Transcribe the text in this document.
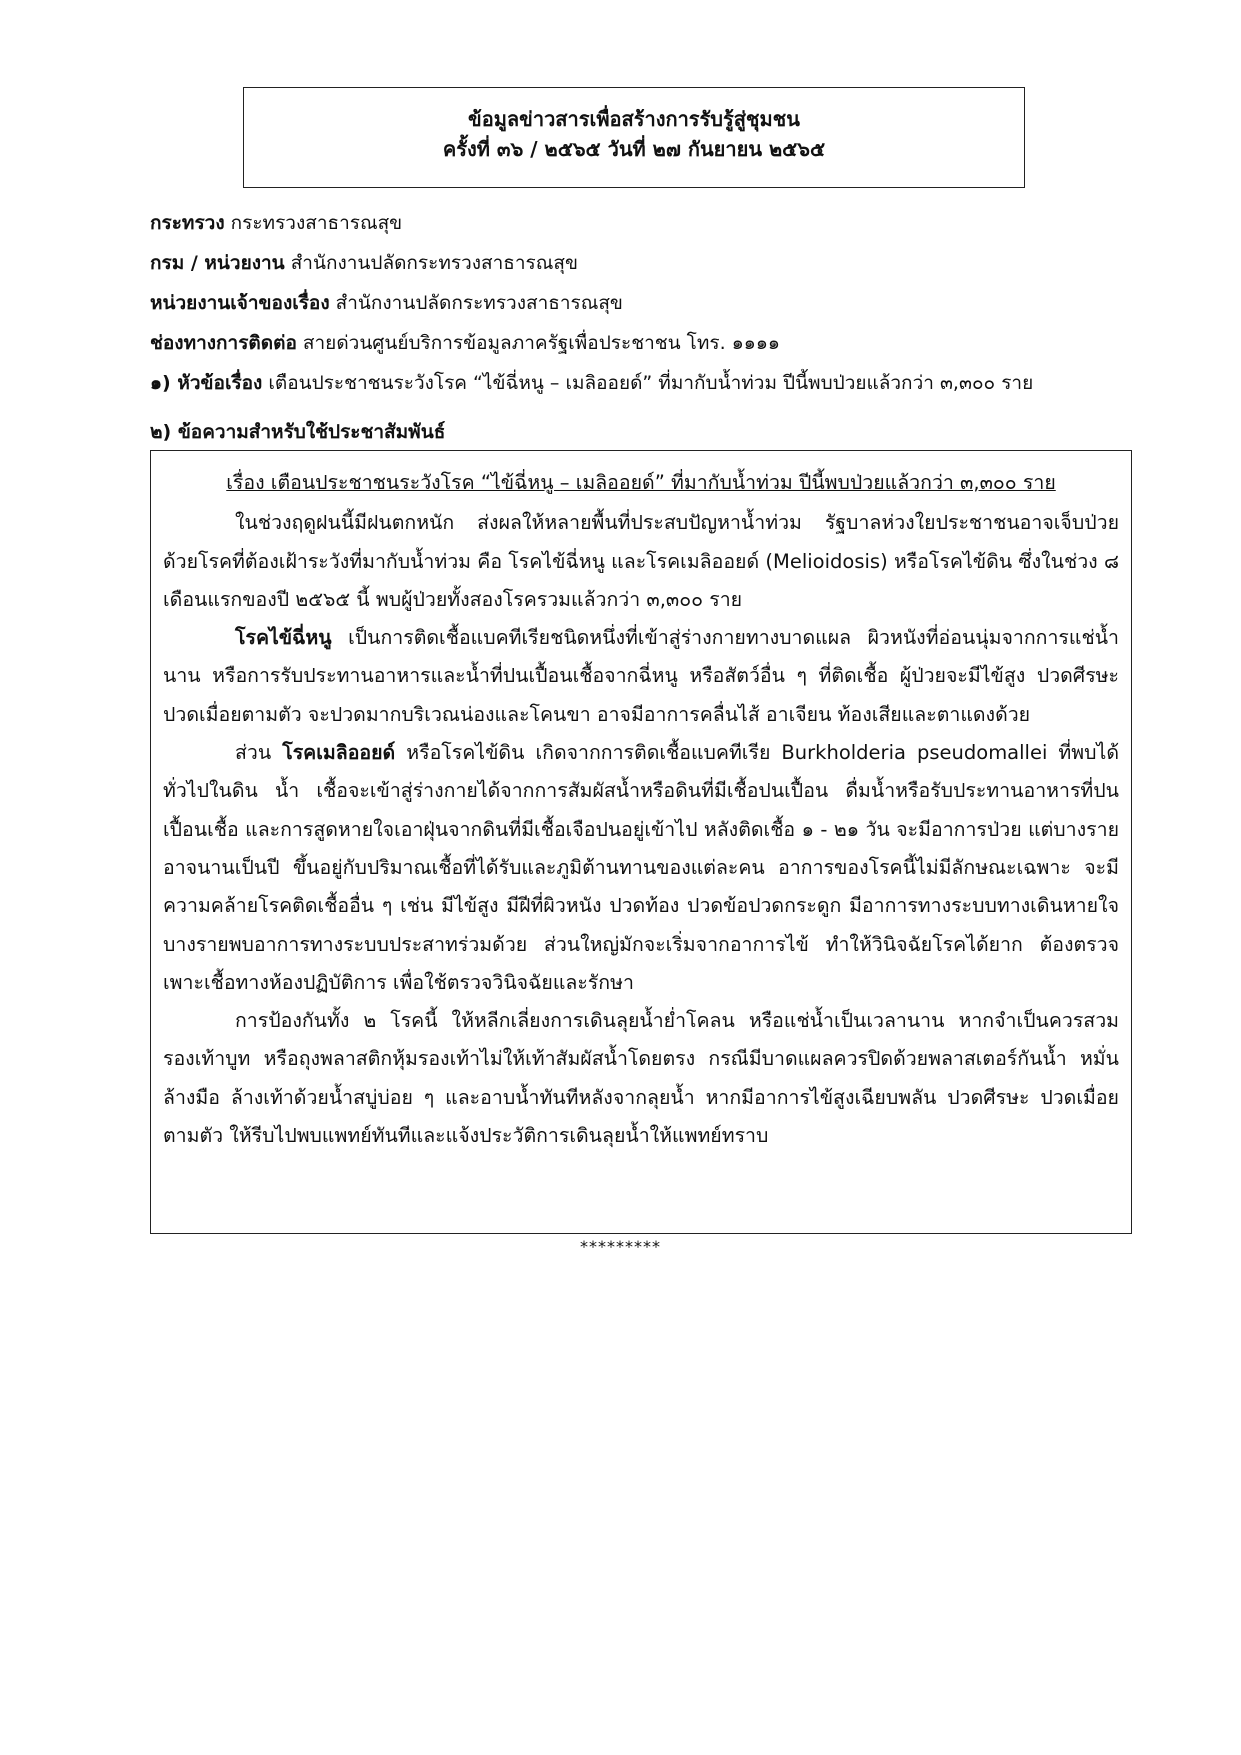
ข้อมูลข่าวสารเพื่อสร้างการรับรู้สู่ชุมชน
ครั้งที่ ๓๖ / ๒๕๖๕ วันที่ ๒๗ กันยายน ๒๕๖๕
กระทรวง กระทรวงสาธารณสุข
กรม / หน่วยงาน สำนักงานปลัดกระทรวงสาธารณสุข
หน่วยงานเจ้าของเรื่อง สำนักงานปลัดกระทรวงสาธารณสุข
ช่องทางการติดต่อ สายด่วนศูนย์บริการข้อมูลภาครัฐเพื่อประชาชน โทร. ๑๑๑๑
๑) หัวข้อเรื่อง เตือนประชาชนระวังโรค “ไข้ฉี่หนู – เมลิออยด์” ที่มากับน้ำท่วม ปีนี้พบป่วยแล้วกว่า ๓,๓๐๐ ราย
๒) ข้อความสำหรับใช้ประชาสัมพันธ์
เรื่อง เตือนประชาชนระวังโรค “ไข้ฉี่หนู – เมลิออยด์” ที่มากับน้ำท่วม ปีนี้พบป่วยแล้วกว่า ๓,๓๐๐ ราย

ในช่วงฤดูฝนนี้มีฝนตกหนัก ส่งผลให้หลายพื้นที่ประสบปัญหาน้ำท่วม รัฐบาลห่วงใยประชาชนอาจเจ็บป่วยด้วยโรคที่ต้องเฝ้าระวังที่มากับน้ำท่วม คือ โรคไข้ฉี่หนู และโรคเมลิออยด์ (Melioidosis) หรือโรคไข้ดิน ซึ่งในช่วง ๘ เดือนแรกของปี ๒๕๖๕ นี้ พบผู้ป่วยทั้งสองโรครวมแล้วกว่า ๓,๓๐๐ ราย

โรคไข้ฉี่หนู เป็นการติดเชื้อแบคทีเรียชนิดหนึ่งที่เข้าสู่ร่างกายทางบาดแผล ผิวหนังที่อ่อนนุ่มจากการแช่น้ำนาน หรือการรับประทานอาหารและน้ำที่ปนเปื้อนเชื้อจากฉี่หนู หรือสัตว์อื่น ๆ ที่ติดเชื้อ ผู้ป่วยจะมีไข้สูง ปวดศีรษะ ปวดเมื่อยตามตัว จะปวดมากบริเวณน่องและโคนขา อาจมีอาการคลื่นไส้ อาเจียน ท้องเสียและตาแดงด้วย

ส่วน โรคเมลิออยด์ หรือโรคไข้ดิน เกิดจากการติดเชื้อแบคทีเรีย Burkholderia pseudomallei ที่พบได้ทั่วไปในดิน น้ำ เชื้อจะเข้าสู่ร่างกายได้จากการสัมผัสน้ำหรือดินที่มีเชื้อปนเปื้อน ดื่มน้ำหรือรับประทานอาหารที่ปนเปื้อนเชื้อ และการสูดหายใจเอาฝุ่นจากดินที่มีเชื้อเจือปนอยู่เข้าไป หลังติดเชื้อ ๑ - ๒๑ วัน จะมีอาการป่วย แต่บางรายอาจนานเป็นปี ขึ้นอยู่กับปริมาณเชื้อที่ได้รับและภูมิต้านทานของแต่ละคน อาการของโรคนี้ไม่มีลักษณะเฉพาะ จะมีความคล้ายโรคติดเชื้ออื่น ๆ เช่น มีไข้สูง มีฝีที่ผิวหนัง ปวดท้อง ปวดข้อปวดกระดูก มีอาการทางระบบทางเดินหายใจ บางรายพบอาการทางระบบประสาทร่วมด้วย ส่วนใหญ่มักจะเริ่มจากอาการไข้ ทำให้วินิจฉัยโรคได้ยาก ต้องตรวจเพาะเชื้อทางห้องปฏิบัติการ เพื่อใช้ตรวจวินิจฉัยและรักษา

การป้องกันทั้ง ๒ โรคนี้ ให้หลีกเลี่ยงการเดินลุยน้ำย่ำโคลน หรือแช่น้ำเป็นเวลานาน หากจำเป็นควรสวมรองเท้าบูท หรือถุงพลาสติกหุ้มรองเท้าไม่ให้เท้าสัมผัสน้ำโดยตรง กรณีมีบาดแผลควรปิดด้วยพลาสเตอร์กันน้ำ หมั่นล้างมือ ล้างเท้าด้วยน้ำสบู่บ่อย ๆ และอาบน้ำทันทีหลังจากลุยน้ำ หากมีอาการไข้สูงเฉียบพลัน ปวดศีรษะ ปวดเมื่อยตามตัว ให้รีบไปพบแพทย์ทันทีและแจ้งประวัติการเดินลุยน้ำให้แพทย์ทราบ

*********
